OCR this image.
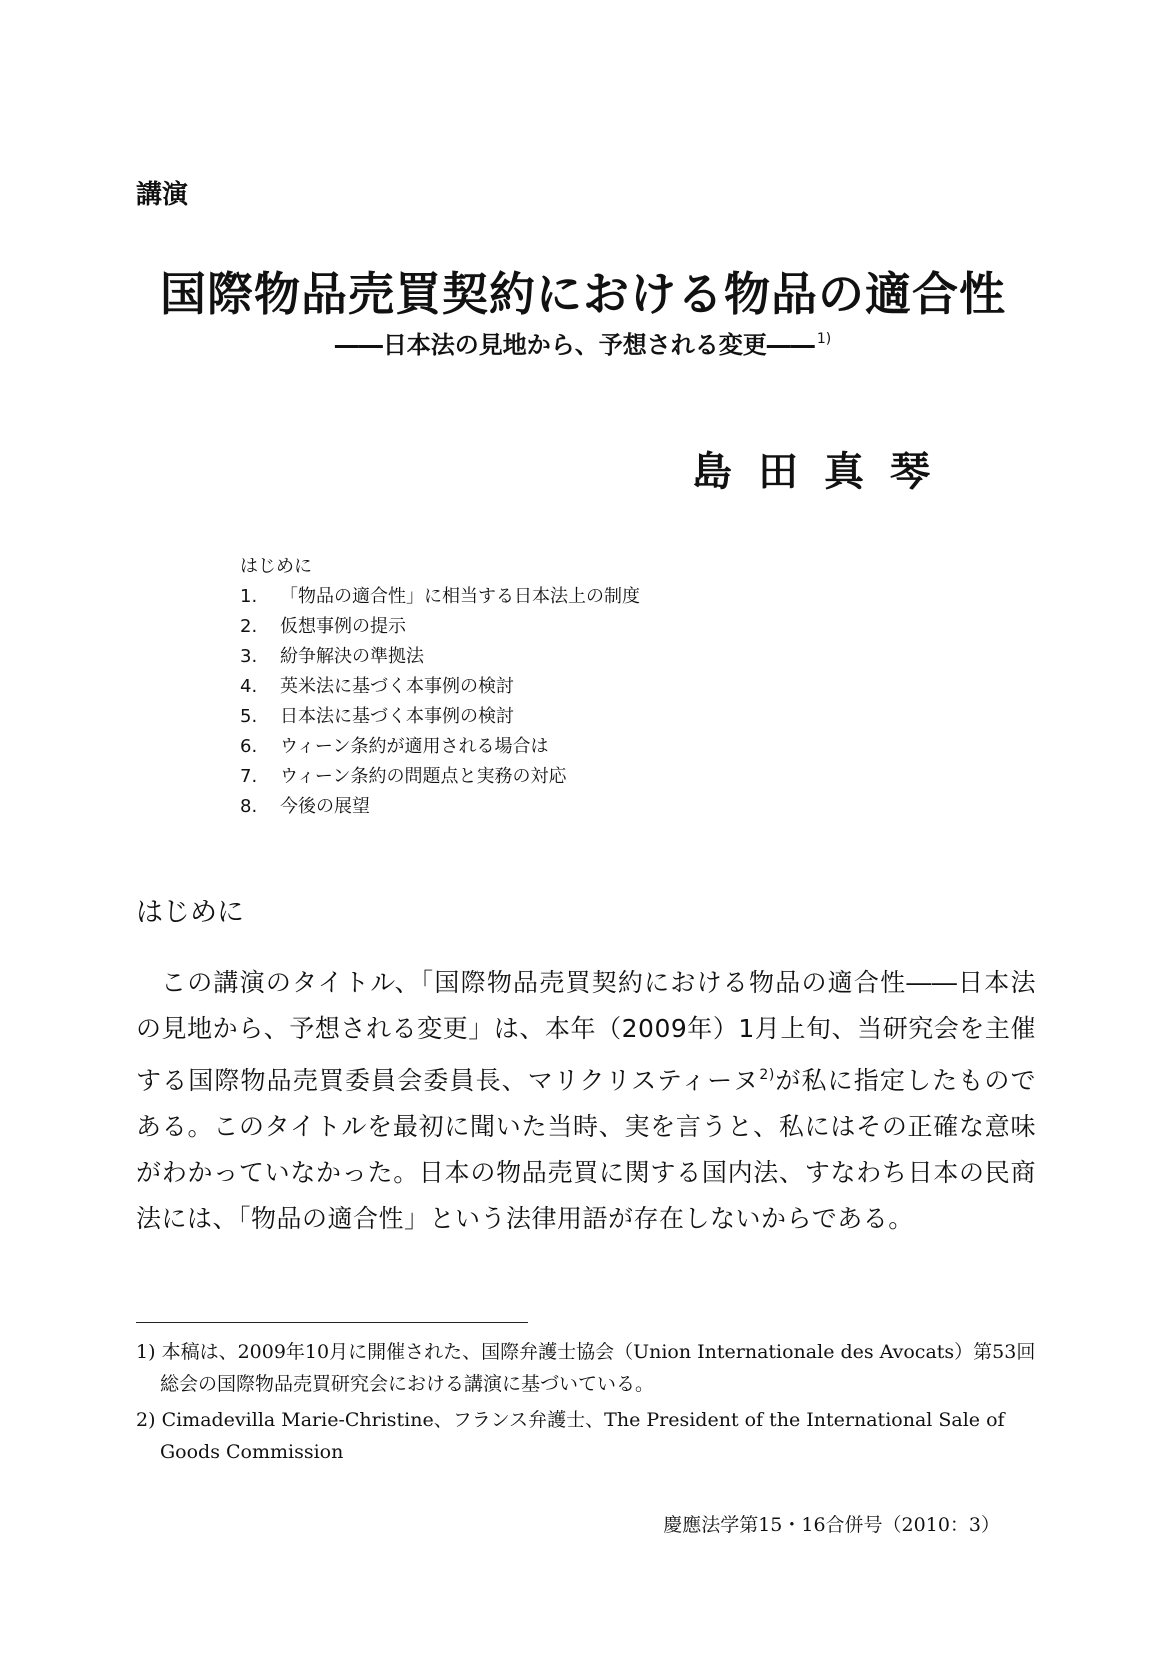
講演
国際物品売買契約における物品の適合性
――日本法の見地から、予想される変更―― $^{1)}$
島田真琴
はじめに
1. 「物品の適合性」に相当する日本法上の制度
2. 仮想事例の提示
3. 紛争解決の準拠法
4. 英米法に基づく本事例の検討
5. 日本法に基づく本事例の検討
6. ウィーン条約が適用される場合は
7. ウィーン条約の問題点と実務の対応
8. 今後の展望
はじめに

この講演のタイトル、「国際物品売買契約における物品の適合性――日本法の見地から、予想される変更」は、本年（2009年）1月上旬、当研究会を主催する国際物品売買委員会委員長、マリクリスティーヌ$^{2)}$が私に指定したものである。このタイトルを最初に聞いた当時、実を言うと、私にはその正確な意味がわかっていなかった。日本の物品売買に関する国内法、すなわち日本の民商法には、「物品の適合性」という法律用語が存在しないからである。

1) 本稿は、2009年10月に開催された、国際弁護士協会（Union Internationale des Avocats）第53回総会の国際物品売買研究会における講演に基づいている。
2) Cimadevilla Marie-Christine、フランス弁護士、The President of the International Sale of Goods Commission
慶應法学第15・16合併号（2010：3）
